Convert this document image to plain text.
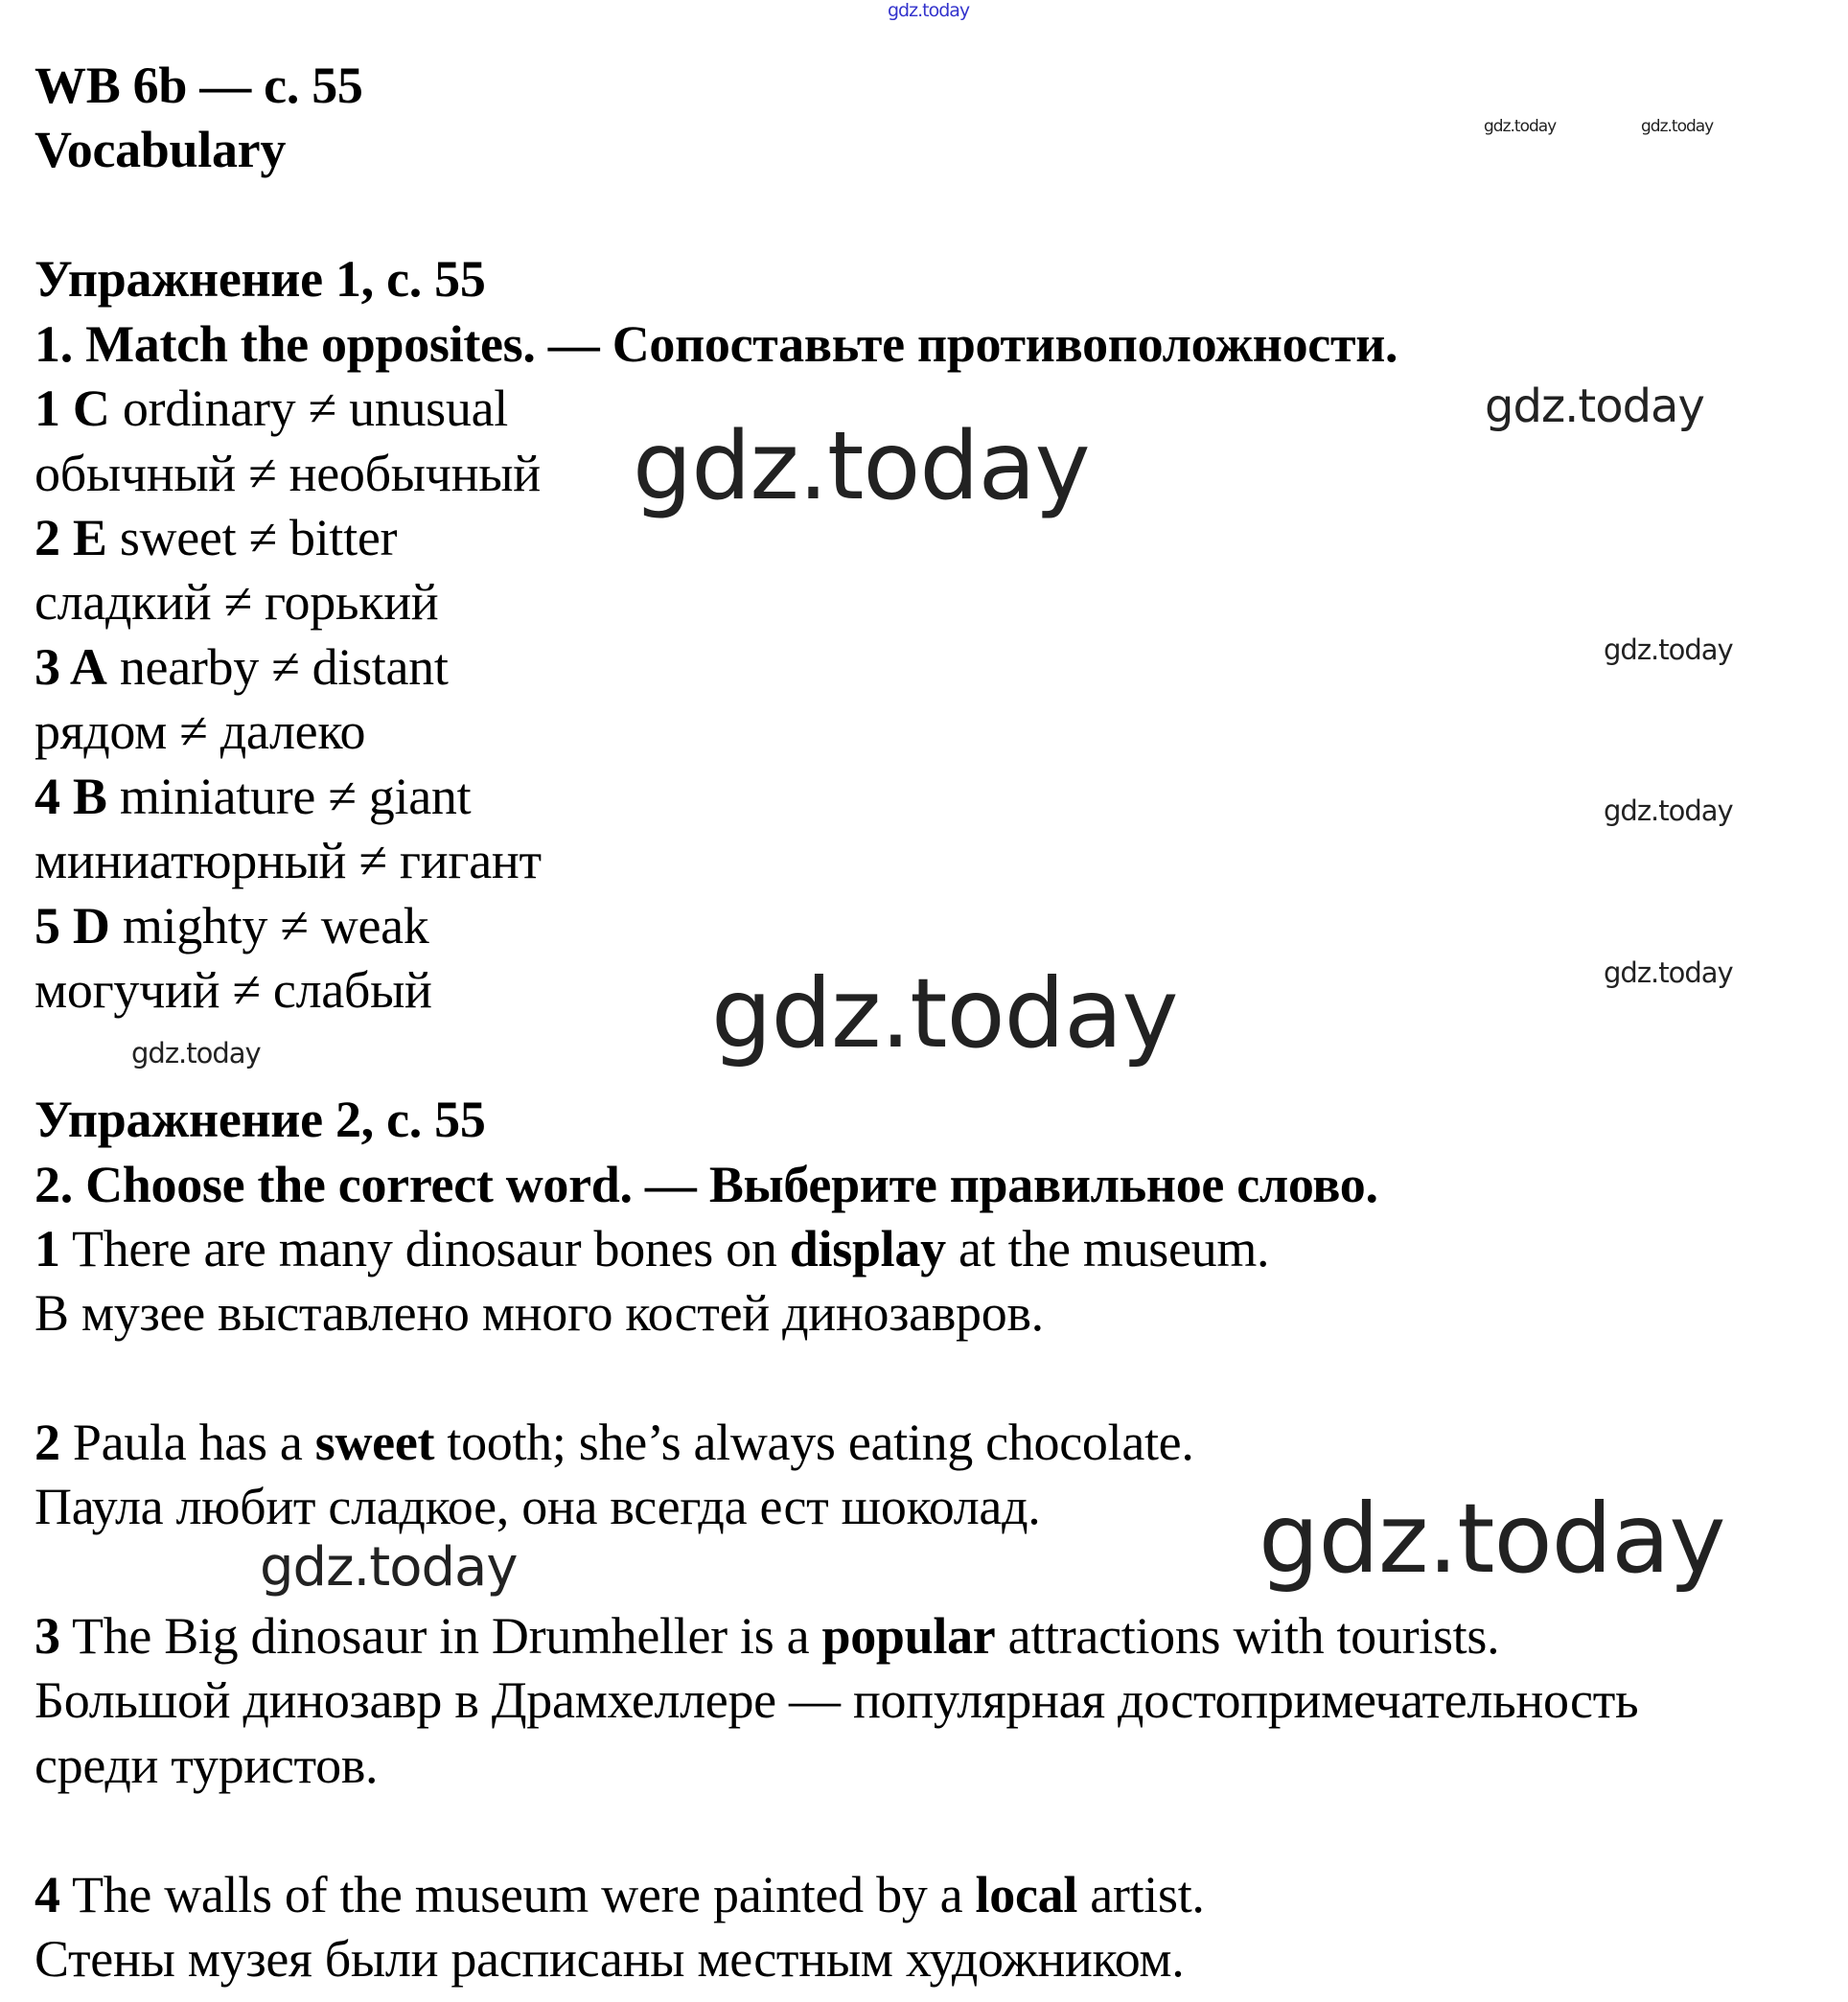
gdz.today
gdz.today	gdz.today
gdz.today
gdz.today
gdz.today
gdz.today
gdz.today
gdz.today
gdz.today
gdz.today	gdz.today
WB 6b — c. 55
Vocabulary
Упражнение 1, с. 55
1. Match the opposites. — Сопоставьте противоположности.
1 C ordinary ≠ unusual
обычный ≠ необычный
2 E sweet ≠ bitter
сладкий ≠ горький
3 A nearby ≠ distant
рядом ≠ далеко
4 B miniature ≠ giant
миниатюрный ≠ гигант
5 D mighty ≠ weak
могучий ≠ слабый
Упражнение 2, с. 55
2. Choose the correct word. — Выберите правильное слово.
1 There are many dinosaur bones on display at the museum.
В музее выставлено много костей динозавров.
2 Paula has a sweet tooth; she’s always eating chocolate.
Паула любит сладкое, она всегда ест шоколад.
3 The Big dinosaur in Drumheller is a popular attractions with tourists.
Большой динозавр в Драмхеллере — популярная достопримечательность
среди туристов.
4 The walls of the museum were painted by a local artist.
Стены музея были расписаны местным художником.
